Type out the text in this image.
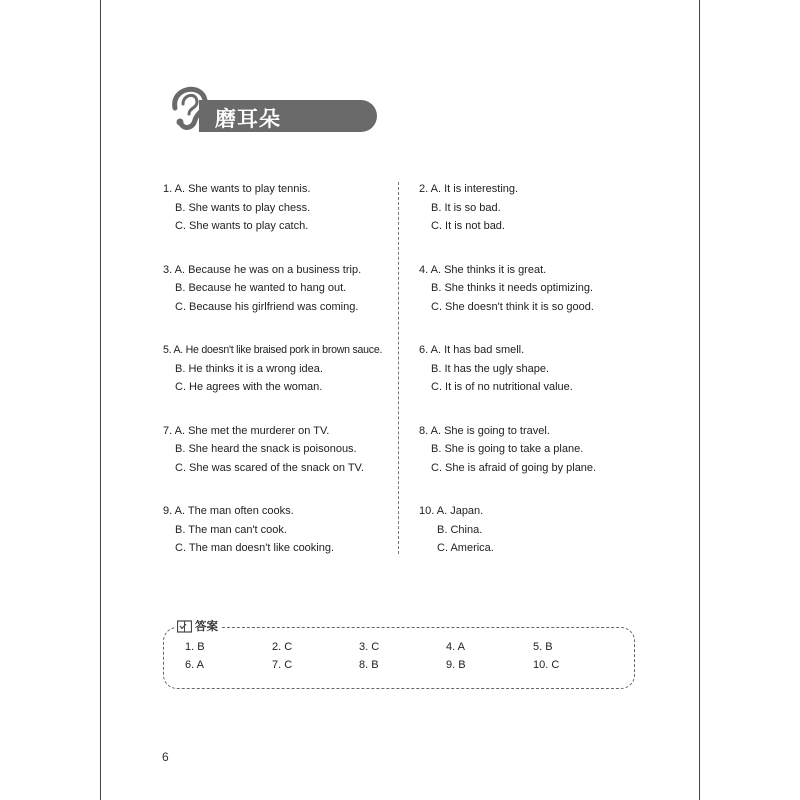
磨耳朵
1. A. She wants to play tennis.
B. She wants to play chess.
C. She wants to play catch.
3. A. Because he was on a business trip.
B. Because he wanted to hang out.
C. Because his girlfriend was coming.
5. A. He doesn't like braised pork in brown sauce.
B. He thinks it is a wrong idea.
C. He agrees with the woman.
7. A. She met the murderer on TV.
B. She heard the snack is poisonous.
C. She was scared of the snack on TV.
9. A. The man often cooks.
B. The man can't cook.
C. The man doesn't like cooking.
2. A. It is interesting.
B. It is so bad.
C. It is not bad.
4. A. She thinks it is great.
B. She thinks it needs optimizing.
C. She doesn't think it is so good.
6. A. It has bad smell.
B. It has the ugly shape.
C. It is of no nutritional value.
8. A. She is going to travel.
B. She is going to take a plane.
C. She is afraid of going by plane.
10. A. Japan.
B. China.
C. America.
答案
1. B	2. C	3. C	4. A	5. B
6. A	7. C	8. B	9. B	10. C
6
